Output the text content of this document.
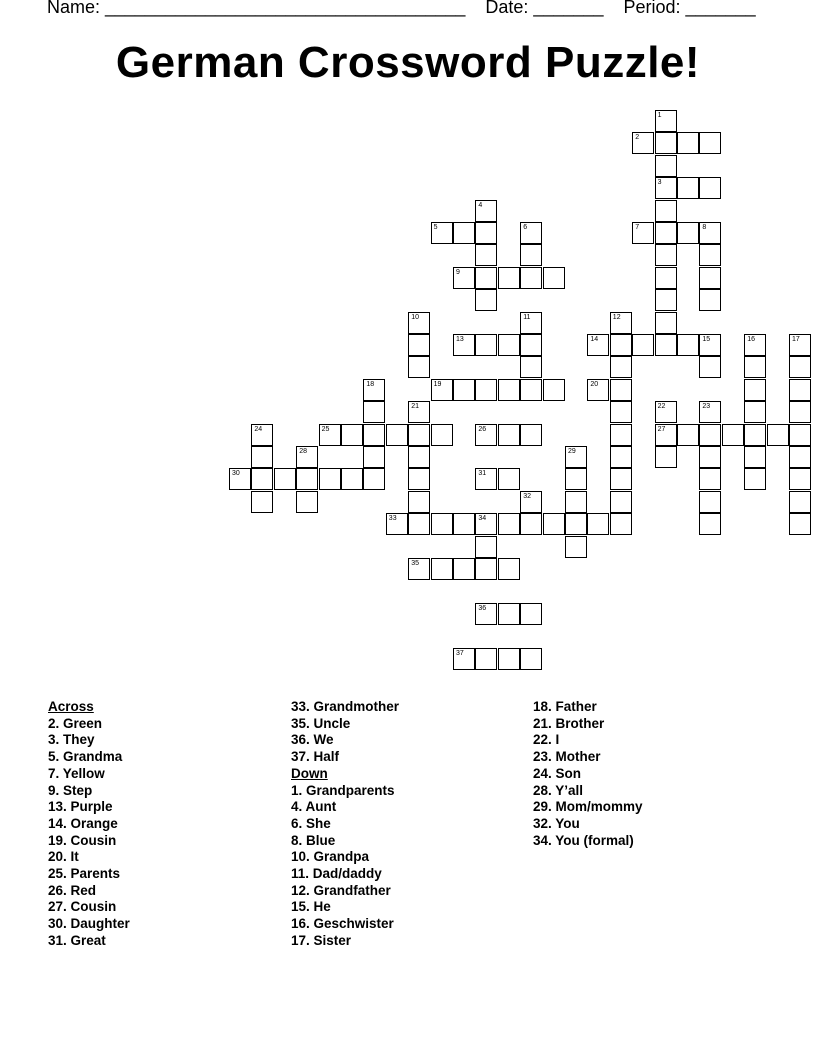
Name: ____________________________________    Date: _______    Period: _______
German Crossword Puzzle!
1
3
2
4
5	6	7	8
9
10	11	12
13	14	15	16	17
18	19	20
21	22
27
23
24	25	26
28	29
30	31
32
33	34
35
36
37
Across
2. Green
3. They
5. Grandma
7. Yellow
9. Step
13. Purple
14. Orange
19. Cousin
20. It
25. Parents
26. Red
27. Cousin
30. Daughter
31. Great
33. Grandmother
35. Uncle
36. We
37. Half
Down
1. Grandparents
4. Aunt
6. She
8. Blue
10. Grandpa
11. Dad/daddy
12. Grandfather
15. He
16. Geschwister
17. Sister
18. Father
21. Brother
22. I
23. Mother
24. Son
28. Y’all
29. Mom/mommy
32. You
34. You (formal)
